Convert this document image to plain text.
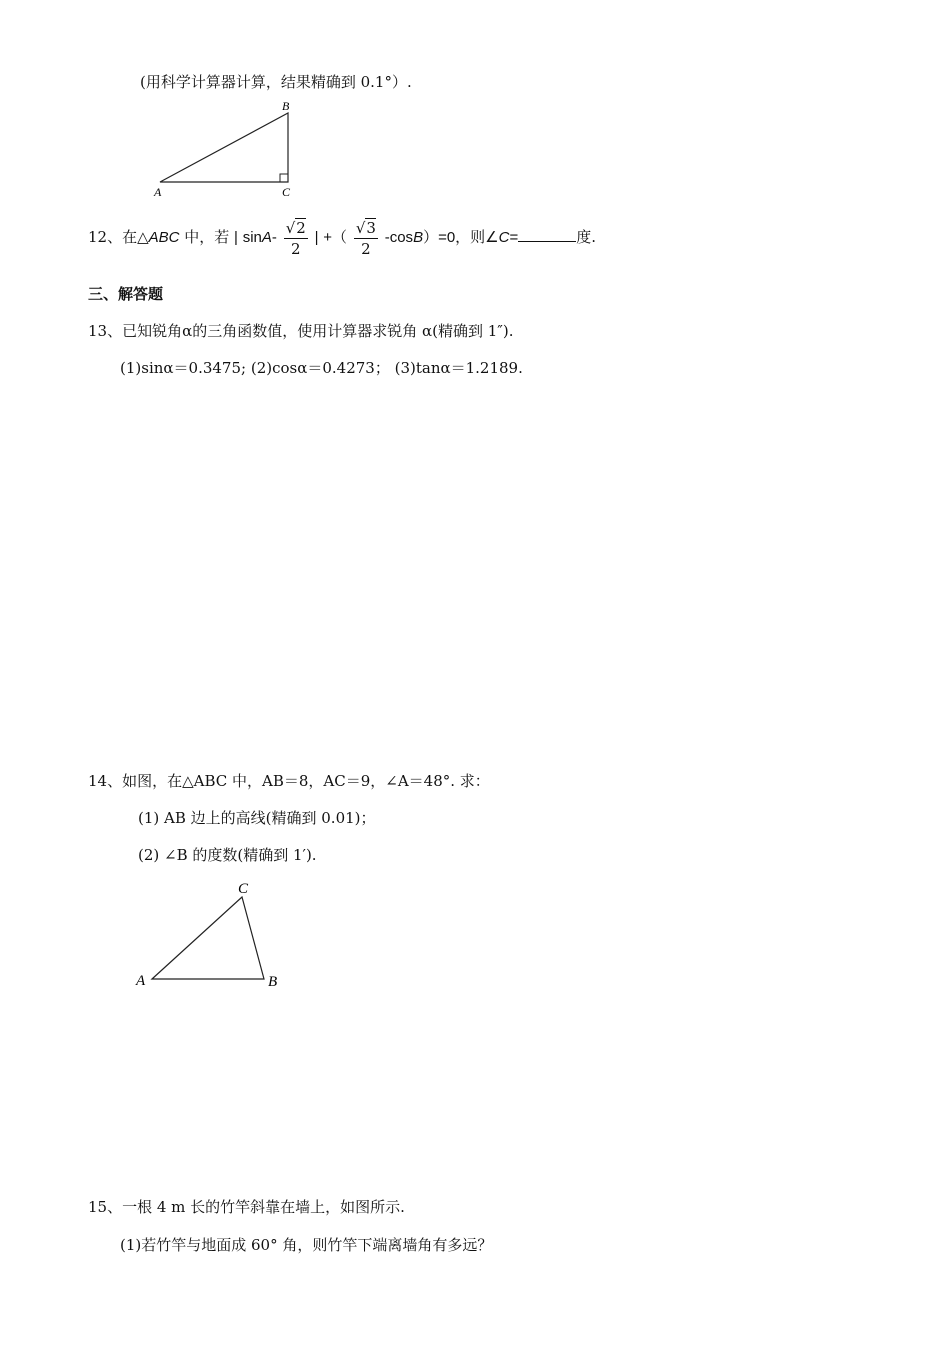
(用科学计算器计算，结果精确到 0.1°）.
B
A	C
12、在△ABC 中，若 | $\sin A- \frac{√2}{2}$ | +（ $\frac{√3}{2} -\cos B)=0$，则∠C=	度.
三、解答题
13、已知锐角α的三角函数值，使用计算器求锐角 α(精确到 1″).
(1)sinα＝0.3475; (2)cosα＝0.4273； (3)tanα＝1.2189.
14、如图，在△ABC 中，AB＝8，AC＝9，∠A＝48°. 求：
(1) AB 边上的高线(精确到 0.01)；
(2) ∠B 的度数(精确到 1′).
C
A	B
15、一根 4 m 长的竹竿斜靠在墙上，如图所示.
(1)若竹竿与地面成 60° 角，则竹竿下端离墙角有多远？
